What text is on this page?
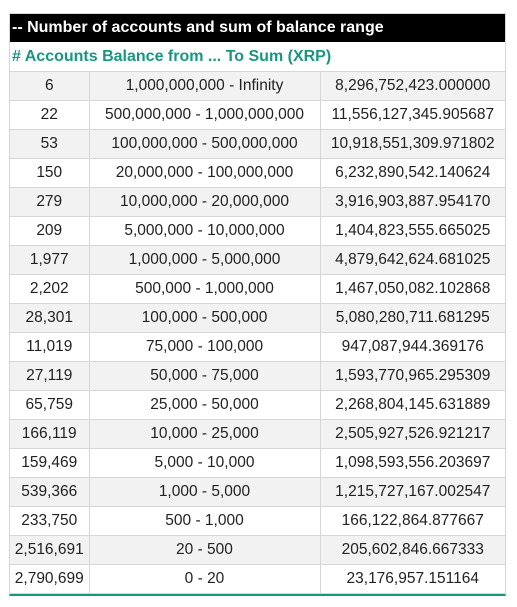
-- Number of accounts and sum of balance range
# Accounts Balance from ... To Sum (XRP)
6	1,000,000,000 - Infinity	8,296,752,423.000000
22	500,000,000 - 1,000,000,000	11,556,127,345.905687
53	100,000,000 - 500,000,000	10,918,551,309.971802
150	20,000,000 - 100,000,000	6,232,890,542.140624
279	10,000,000 - 20,000,000	3,916,903,887.954170
209	5,000,000 - 10,000,000	1,404,823,555.665025
1,977	1,000,000 - 5,000,000	4,879,642,624.681025
2,202	500,000 - 1,000,000	1,467,050,082.102868
28,301	100,000 - 500,000	5,080,280,711.681295
11,019	75,000 - 100,000	947,087,944.369176
27,119	50,000 - 75,000	1,593,770,965.295309
65,759	25,000 - 50,000	2,268,804,145.631889
166,119	10,000 - 25,000	2,505,927,526.921217
159,469	5,000 - 10,000	1,098,593,556.203697
539,366	1,000 - 5,000	1,215,727,167.002547
233,750	500 - 1,000	166,122,864.877667
2,516,691	20 - 500	205,602,846.667333
2,790,699	0 - 20	23,176,957.151164
